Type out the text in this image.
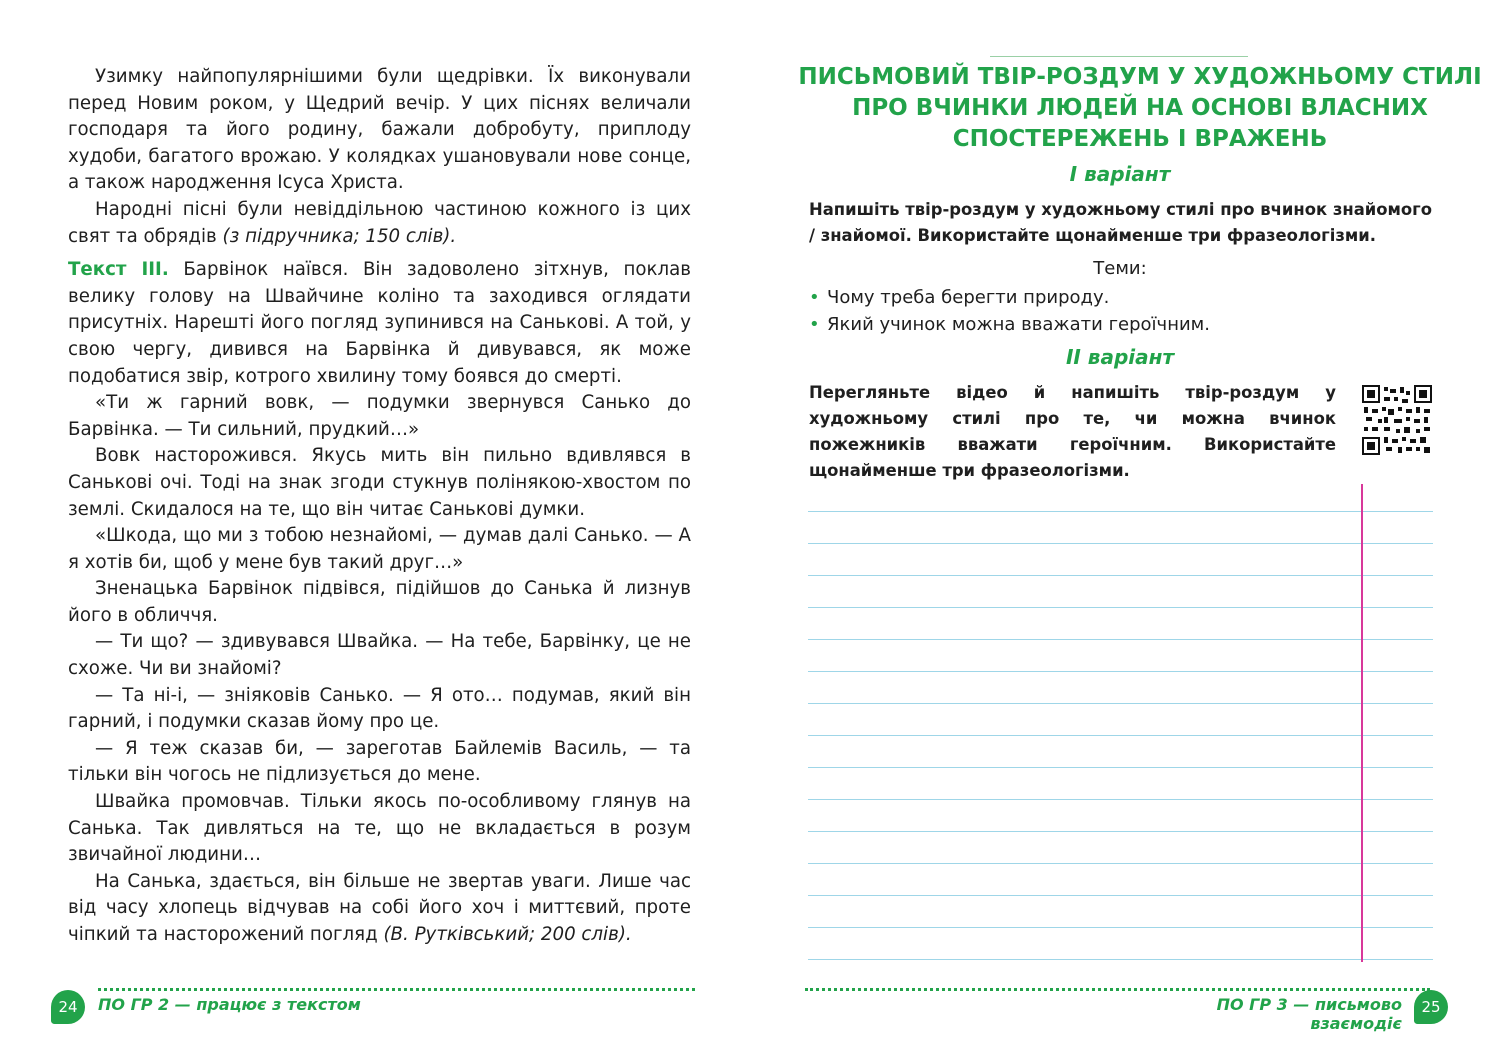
Узимку найпопулярнішими були щедрівки. Їх виконували перед Новим роком, у Щедрий вечір. У цих піснях величали господаря та його родину, бажали добробуту, приплоду худоби, багатого врожаю. У колядках ушановували нове сонце, а також народження Ісуса Христа.

Народні пісні були невіддільною частиною кожного із цих свят та обрядів (з підручника; 150 слів).

Текст ІІІ. Барвінок наївся. Він задоволено зітхнув, поклав велику голову на Швайчине коліно та заходився оглядати присутніх. Нарешті його погляд зупинився на Санькові. А той, у свою чергу, дивився на Барвінка й дивувався, як може подобатися звір, котрого хвилину тому боявся до смерті.

«Ти ж гарний вовк, — подумки звернувся Санько до Барвінка. — Ти сильний, прудкий…»

Вовк насторожився. Якусь мить він пильно вдивлявся в Санькові очі. Тоді на знак згоди стукнув полінякою-хвостом по землі. Скидалося на те, що він читає Санькові думки.

«Шкода, що ми з тобою незнайомі, — думав далі Санько. — А я хотів би, щоб у мене був такий друг…»

Зненацька Барвінок підвівся, підійшов до Санька й лизнув його в обличчя.

— Ти що? — здивувався Швайка. — На тебе, Барвінку, це не схоже. Чи ви знайомі?

— Та ні-і, — зніяковів Санько. — Я ото… подумав, який він гарний, і подумки сказав йому про це.

— Я теж сказав би, — зареготав Байлемів Василь, — та тільки він чогось не підлизується до мене.

Швайка промовчав. Тільки якось по-особливому глянув на Санька. Так дивляться на те, що не вкладається в розум звичайної людини…

На Санька, здається, він більше не звертав уваги. Лише час від часу хлопець відчував на собі його хоч і миттєвий, проте чіпкий та насторожений погляд (В. Рутківський; 200 слів).

24	ПО ГР 2 — працює з текстом

ПИСЬМОВИЙ ТВІР-РОЗДУМ У ХУДОЖНЬОМУ СТИЛІ ПРО ВЧИНКИ ЛЮДЕЙ НА ОСНОВІ ВЛАСНИХ СПОСТЕРЕЖЕНЬ І ВРАЖЕНЬ
І варіант

Напишіть твір-роздум у художньому стилі про вчинок знайомого / знайомої. Використайте щонайменше три фразеологізми.

Теми:

• Чому треба берегти природу.
• Який учинок можна вважати героїчним.
ІІ варіант

Перегляньте відео й напишіть твір-роздум у художньому стилі про те, чи можна вчинок пожежників вважати героїчним. Використайте щонайменше три фразеологізми.

ПО ГР 3 — письмово взаємодіє

25
